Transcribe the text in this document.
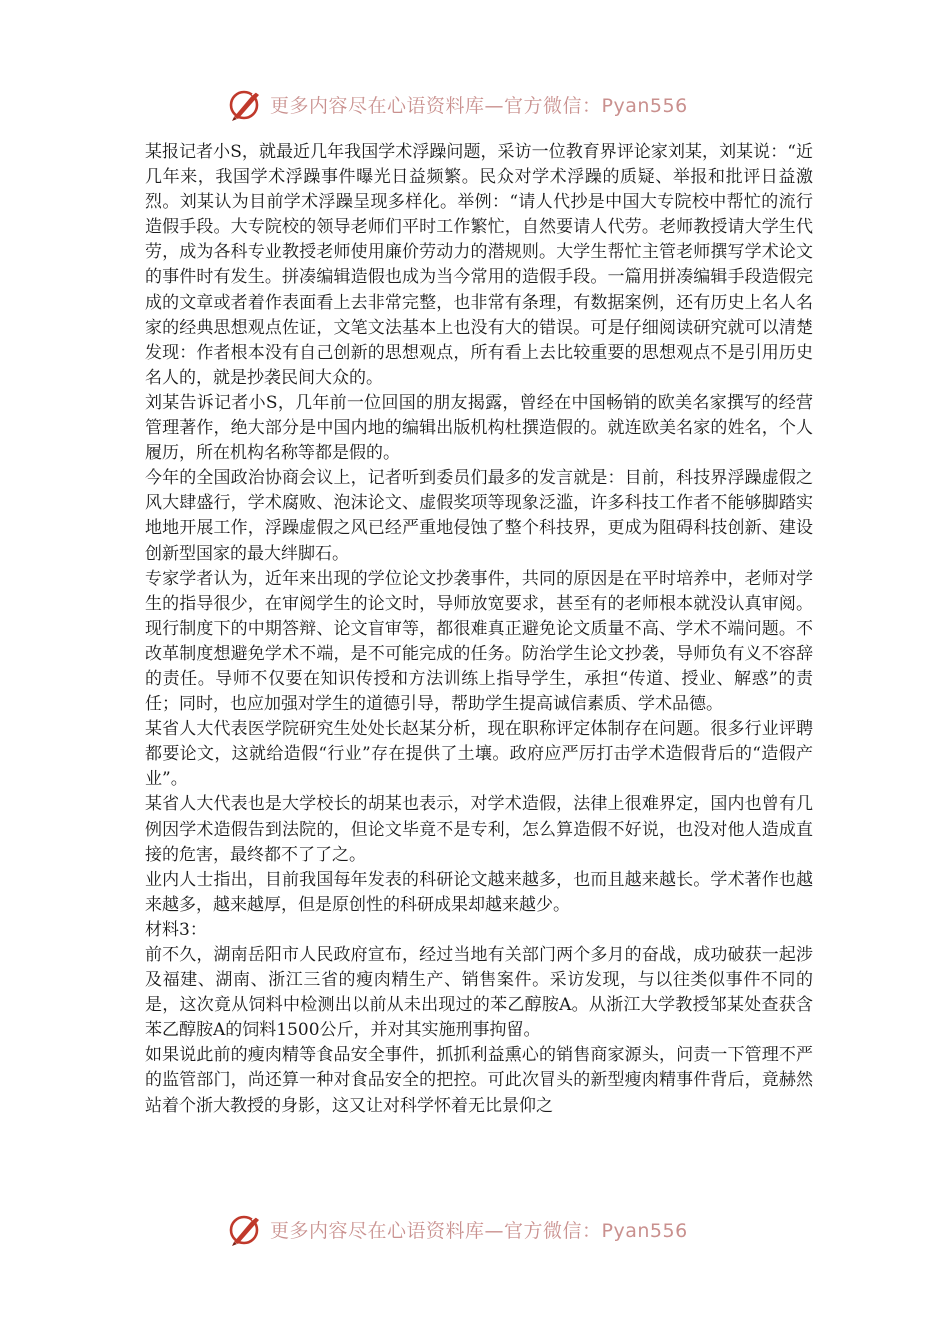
更多内容尽在心语资料库—官方微信：Pyan556

某报记者小S，就最近几年我国学术浮躁问题，采访一位教育界评论家刘某，刘某说：“近几年来，我国学术浮躁事件曝光日益频繁。民众对学术浮躁的质疑、举报和批评日益激烈。刘某认为目前学术浮躁呈现多样化。举例：“请人代抄是中国大专院校中帮忙的流行造假手段。大专院校的领导老师们平时工作繁忙，自然要请人代劳。老师教授请大学生代劳，成为各科专业教授老师使用廉价劳动力的潜规则。大学生帮忙主管老师撰写学术论文的事件时有发生。拼凑编辑造假也成为当今常用的造假手段。一篇用拼凑编辑手段造假完成的文章或者着作表面看上去非常完整，也非常有条理，有数据案例，还有历史上名人名家的经典思想观点佐证，文笔文法基本上也没有大的错误。可是仔细阅读研究就可以清楚发现：作者根本没有自己创新的思想观点，所有看上去比较重要的思想观点不是引用历史名人的，就是抄袭民间大众的。

刘某告诉记者小S，几年前一位回国的朋友揭露，曾经在中国畅销的欧美名家撰写的经营管理著作，绝大部分是中国内地的编辑出版机构杜撰造假的。就连欧美名家的姓名，个人履历，所在机构名称等都是假的。

今年的全国政治协商会议上，记者听到委员们最多的发言就是：目前，科技界浮躁虚假之风大肆盛行，学术腐败、泡沫论文、虚假奖项等现象泛滥，许多科技工作者不能够脚踏实地地开展工作，浮躁虚假之风已经严重地侵蚀了整个科技界，更成为阻碍科技创新、建设创新型国家的最大绊脚石。

专家学者认为，近年来出现的学位论文抄袭事件，共同的原因是在平时培养中，老师对学生的指导很少，在审阅学生的论文时，导师放宽要求，甚至有的老师根本就没认真审阅。现行制度下的中期答辩、论文盲审等，都很难真正避免论文质量不高、学术不端问题。不改革制度想避免学术不端，是不可能完成的任务。防治学生论文抄袭，导师负有义不容辞的责任。导师不仅要在知识传授和方法训练上指导学生，承担“传道、授业、解惑”的责任；同时，也应加强对学生的道德引导，帮助学生提高诚信素质、学术品德。

某省人大代表医学院研究生处处长赵某分析，现在职称评定体制存在问题。很多行业评聘都要论文，这就给造假“行业”存在提供了土壤。政府应严厉打击学术造假背后的“造假产业”。

某省人大代表也是大学校长的胡某也表示，对学术造假，法律上很难界定，国内也曾有几例因学术造假告到法院的，但论文毕竟不是专利，怎么算造假不好说，也没对他人造成直接的危害，最终都不了了之。

业内人士指出，目前我国每年发表的科研论文越来越多，也而且越来越长。学术著作也越来越多，越来越厚，但是原创性的科研成果却越来越少。

材料3：

前不久，湖南岳阳市人民政府宣布，经过当地有关部门两个多月的奋战，成功破获一起涉及福建、湖南、浙江三省的瘦肉精生产、销售案件。采访发现，与以往类似事件不同的是，这次竟从饲料中检测出以前从未出现过的苯乙醇胺A。从浙江大学教授邹某处查获含苯乙醇胺A的饲料1500公斤，并对其实施刑事拘留。

如果说此前的瘦肉精等食品安全事件，抓抓利益熏心的销售商家源头，问责一下管理不严的监管部门，尚还算一种对食品安全的把控。可此次冒头的新型瘦肉精事件背后，竟赫然站着个浙大教授的身影，这又让对科学怀着无比景仰之

更多内容尽在心语资料库—官方微信：Pyan556
